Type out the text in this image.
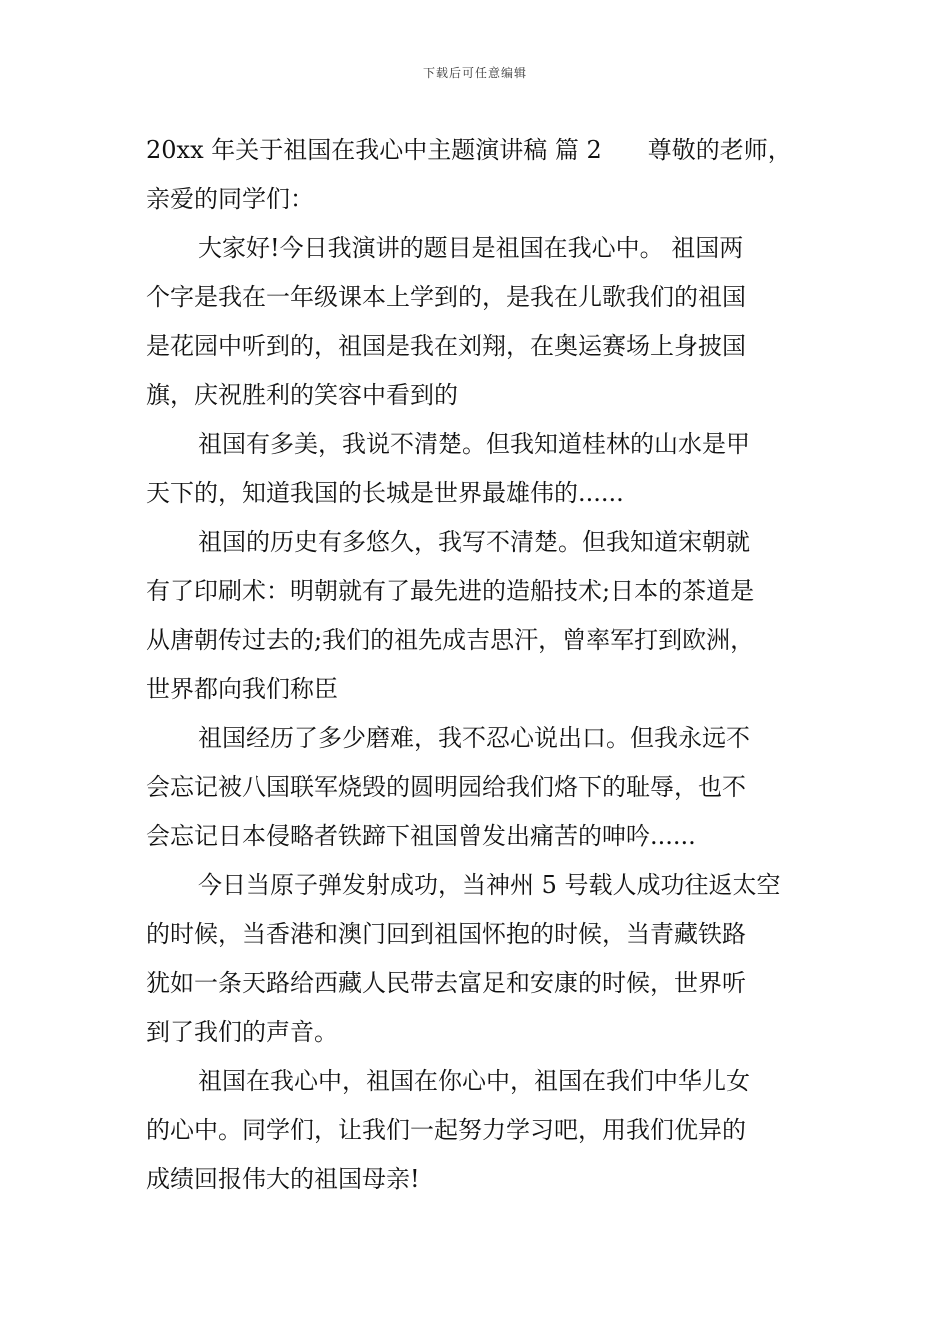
下载后可任意编辑

20xx 年关于祖国在我心中主题演讲稿 篇 2 尊敬的老师，

亲爱的同学们：

大家好!今日我演讲的题目是祖国在我心中。 祖国两
个字是我在一年级课本上学到的，是我在儿歌我们的祖国
是花园中听到的，祖国是我在刘翔，在奥运赛场上身披国
旗，庆祝胜利的笑容中看到的

祖国有多美，我说不清楚。但我知道桂林的山水是甲
天下的，知道我国的长城是世界最雄伟的......

祖国的历史有多悠久，我写不清楚。但我知道宋朝就
有了印刷术：明朝就有了最先进的造船技术;日本的茶道是
从唐朝传过去的;我们的祖先成吉思汗，曾率军打到欧洲，
世界都向我们称臣

祖国经历了多少磨难，我不忍心说出口。但我永远不
会忘记被八国联军烧毁的圆明园给我们烙下的耻辱，也不
会忘记日本侵略者铁蹄下祖国曾发出痛苦的呻吟......

今日当原子弹发射成功，当神州 5 号载人成功往返太空
的时候，当香港和澳门回到祖国怀抱的时候，当青藏铁路
犹如一条天路给西藏人民带去富足和安康的时候，世界听
到了我们的声音。

祖国在我心中，祖国在你心中，祖国在我们中华儿女
的心中。同学们，让我们一起努力学习吧，用我们优异的
成绩回报伟大的祖国母亲!
